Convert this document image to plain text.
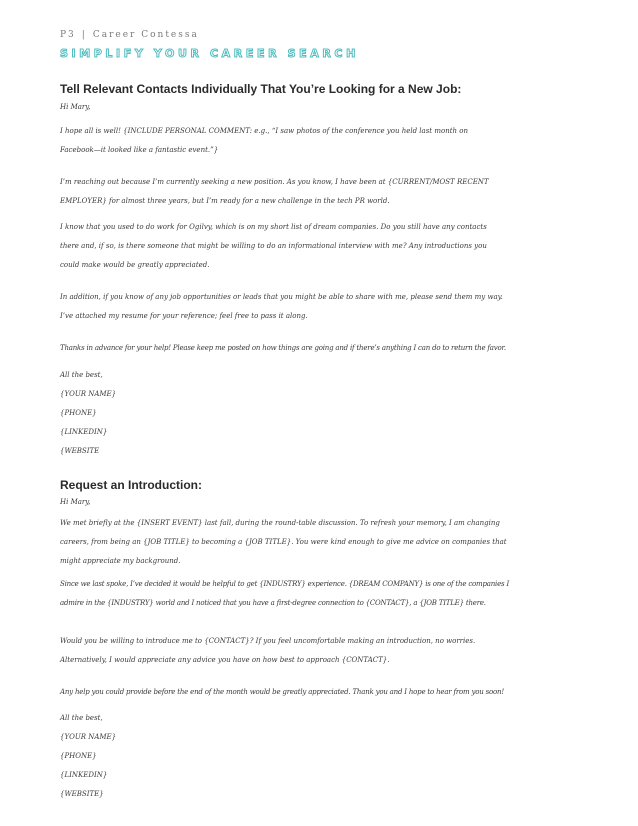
P3 | Career Contessa
SIMPLIFY YOUR CAREER SEARCH
Tell Relevant Contacts Individually That You’re Looking for a New Job:

Hi Mary,

I hope all is well! {INCLUDE PERSONAL COMMENT: e.g., “I saw photos of the conference you held last month on
Facebook—it looked like a fantastic event.”}

I’m reaching out because I’m currently seeking a new position. As you know, I have been at {CURRENT/MOST RECENT
EMPLOYER} for almost three years, but I’m ready for a new challenge in the tech PR world.

I know that you used to do work for Ogilvy, which is on my short list of dream companies. Do you still have any contacts
there and, if so, is there someone that might be willing to do an informational interview with me? Any introductions you
could make would be greatly appreciated.

In addition, if you know of any job opportunities or leads that you might be able to share with me, please send them my way.
I’ve attached my resume for your reference; feel free to pass it along.

Thanks in advance for your help! Please keep me posted on how things are going and if there’s anything I can do to return the favor.

All the best,
{YOUR NAME}
{PHONE}
{LINKEDIN}
{WEBSITE

Request an Introduction:

Hi Mary,

We met briefly at the {INSERT EVENT} last fall, during the round-table discussion. To refresh your memory, I am changing
careers, from being an {JOB TITLE} to becoming a {JOB TITLE}. You were kind enough to give me advice on companies that
might appreciate my background.

Since we last spoke, I’ve decided it would be helpful to get {INDUSTRY} experience. {DREAM COMPANY} is one of the companies I
admire in the {INDUSTRY} world and I noticed that you have a first-degree connection to {CONTACT}, a {JOB TITLE} there.

Would you be willing to introduce me to {CONTACT}? If you feel uncomfortable making an introduction, no worries.
Alternatively, I would appreciate any advice you have on how best to approach {CONTACT}.

Any help you could provide before the end of the month would be greatly appreciated. Thank you and I hope to hear from you soon!

All the best,
{YOUR NAME}
{PHONE}
{LINKEDIN}
{WEBSITE}
